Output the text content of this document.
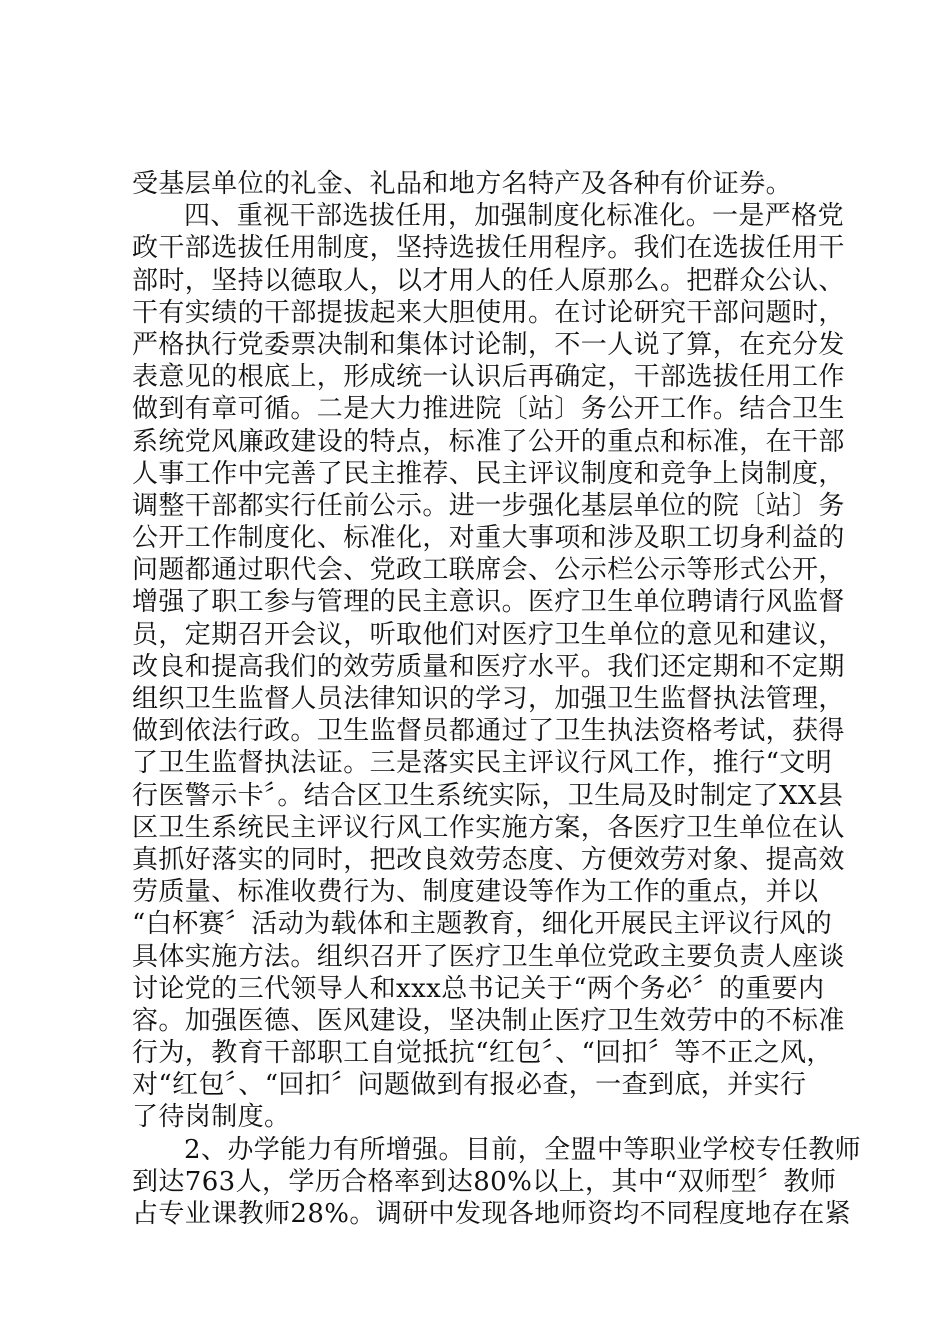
受基层单位的礼金、礼品和地方名特产及各种有价证券。
四、重视干部选拔任用，加强制度化标准化。一是严格党
政干部选拔任用制度，坚持选拔任用程序。我们在选拔任用干
部时，坚持以德取人，以才用人的任人原那么。把群众公认、
干有实绩的干部提拔起来大胆使用。在讨论研究干部问题时，
严格执行党委票决制和集体讨论制，不一人说了算，在充分发
表意见的根底上，形成统一认识后再确定，干部选拔任用工作
做到有章可循。二是大力推进院〔站〕务公开工作。结合卫生
系统党风廉政建设的特点，标准了公开的重点和标准，在干部
人事工作中完善了民主推荐、民主评议制度和竞争上岗制度，
调整干部都实行任前公示。进一步强化基层单位的院〔站〕务
公开工作制度化、标准化，对重大事项和涉及职工切身利益的
问题都通过职代会、党政工联席会、公示栏公示等形式公开，
增强了职工参与管理的民主意识。医疗卫生单位聘请行风监督
员，定期召开会议，听取他们对医疗卫生单位的意见和建议，
改良和提高我们的效劳质量和医疗水平。我们还定期和不定期
组织卫生监督人员法律知识的学习，加强卫生监督执法管理，
做到依法行政。卫生监督员都通过了卫生执法资格考试，获得
了卫生监督执法证。三是落实民主评议行风工作，推行“文明
行医警示卡〞。结合区卫生系统实际，卫生局及时制定了XX县
区卫生系统民主评议行风工作实施方案，各医疗卫生单位在认
真抓好落实的同时，把改良效劳态度、方便效劳对象、提高效
劳质量、标准收费行为、制度建设等作为工作的重点，并以
“白杯赛〞活动为载体和主题教育，细化开展民主评议行风的
具体实施方法。组织召开了医疗卫生单位党政主要负责人座谈
讨论党的三代领导人和xxx总书记关于“两个务必〞的重要内
容。加强医德、医风建设，坚决制止医疗卫生效劳中的不标准
行为，教育干部职工自觉抵抗“红包〞、“回扣〞等不正之风，
对“红包〞、“回扣〞问题做到有报必查，一查到底，并实行
了待岗制度。
2、办学能力有所增强。目前，全盟中等职业学校专任教师
到达763人，学历合格率到达80%以上，其中“双师型〞教师
占专业课教师28%。调研中发现各地师资均不同程度地存在紧
